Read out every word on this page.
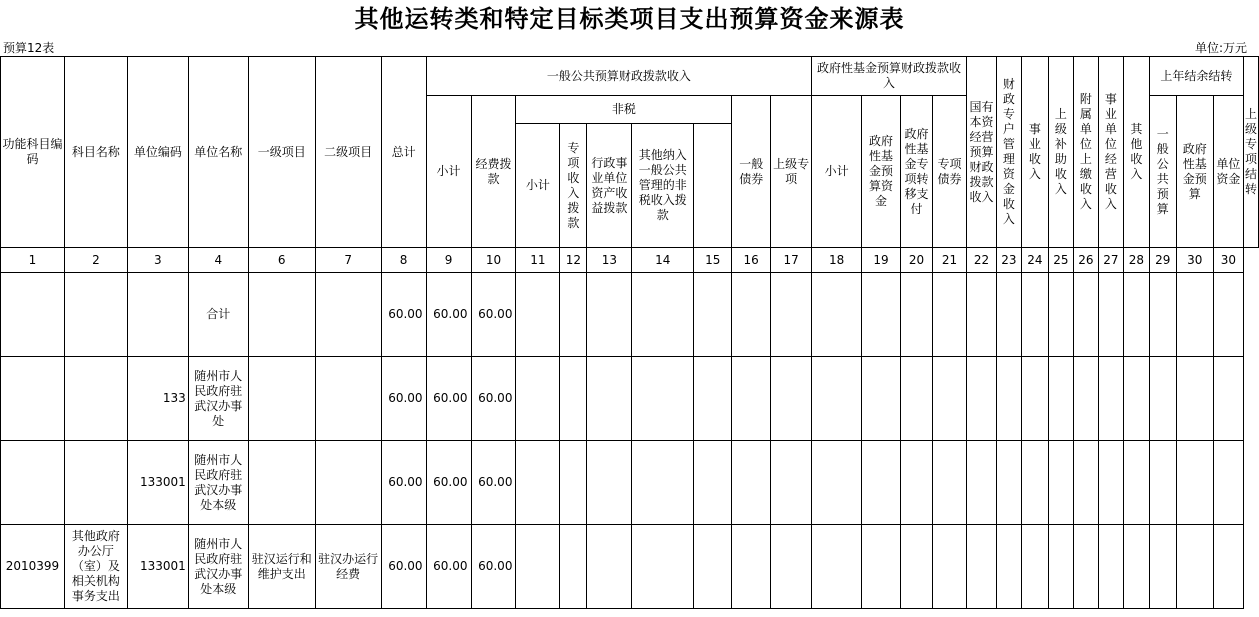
其他运转类和特定目标类项目支出预算资金来源表
预算12表	单位:万元
功能科目编码	科目名称	单位编码	单位名称	一级项目	二级项目	总计	一般公共预算财政拨款收入									政府性基金预算财政拨款收入				国有本资经营预算财政拨款收入	财政专户管理资金收入	事业收入	上级补助收入	附属单位上缴收入	事业单位经营收入	其他收入	上年结余结转			上级专项结转
							小计	经费拨款	非税					一般债券	上级专项	小计	政府性基金预算资金	政府性基金专项转移支付	专项债券								一般公共预算	政府性基金预算	单位资金	
									小计	专项收入拨款	行政事业单位资产收益拨款	其他纳入一般公共管理的非税收入拨款																		
1	2	3	4	6	7	8	9	10	11	12	13	14	15	16	17	18	19	20	21	22	23	24	25	26	27	28	29	30	30	
			合计			60.00	60.00	60.00																						
		133	随州市人民政府驻武汉办事处			60.00	60.00	60.00																						
		133001	随州市人民政府驻武汉办事处本级			60.00	60.00	60.00																						
2010399	其他政府办公厅（室）及相关机构事务支出	133001	随州市人民政府驻武汉办事处本级	驻汉运行和维护支出	驻汉办运行经费	60.00	60.00	60.00																						
